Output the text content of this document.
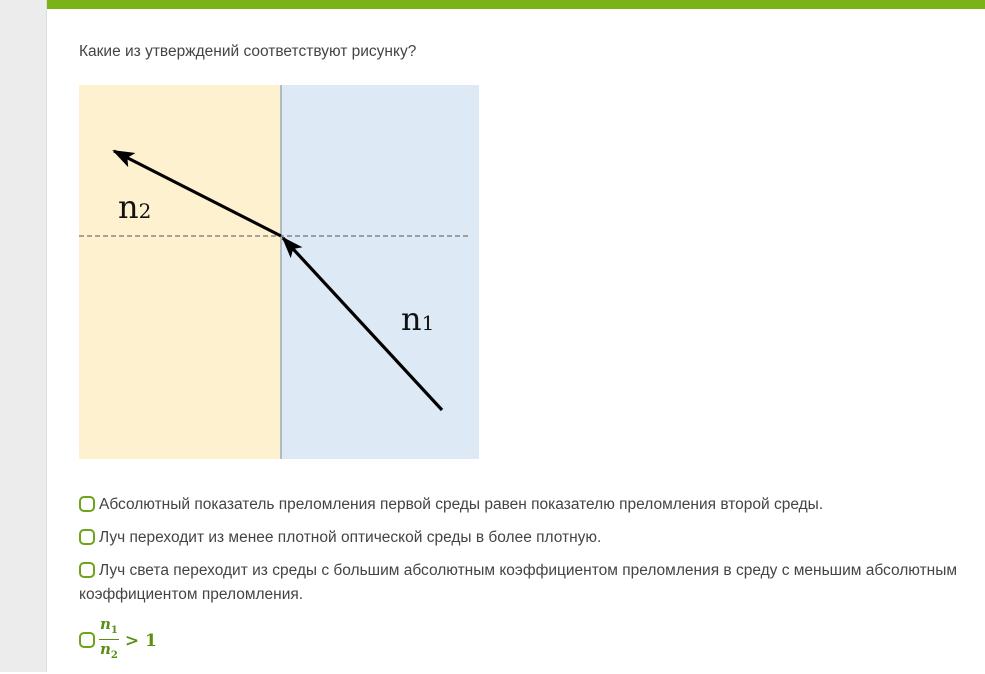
Какие из утверждений соответствуют рисунку?
n2
n1
Абсолютный показатель преломления первой среды равен показателю преломления второй среды.
Луч переходит из менее плотной оптической среды в более плотную.
Луч света переходит из среды с большим абсолютным коэффициентом преломления в среду с меньшим абсолютным коэффициентом преломления.
$\frac{n_1}{n_2} > 1$
